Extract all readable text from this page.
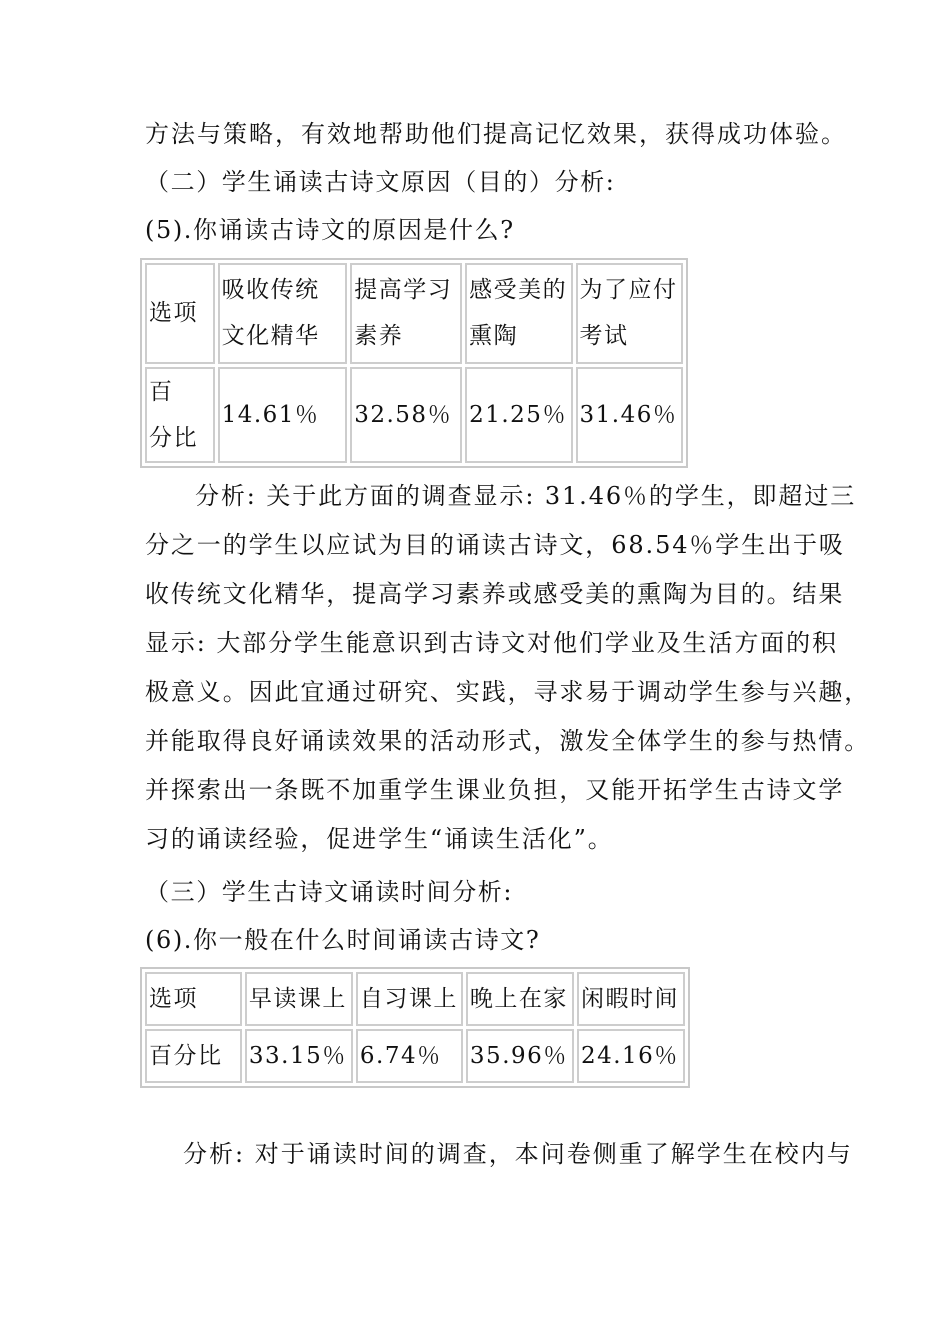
方法与策略，有效地帮助他们提高记忆效果，获得成功体验。
（二）学生诵读古诗文原因（目的）分析:
(5).你诵读古诗文的原因是什么?
选项	吸收传统文化精华	提高学习素养	感受美的熏陶	为了应付考试
百　分比	14.61％	32.58％	21.25％	31.46％
分析: 关于此方面的调查显示: 31.46％的学生，即超过三
分之一的学生以应试为目的诵读古诗文，68.54％学生出于吸
收传统文化精华，提高学习素养或感受美的熏陶为目的。结果
显示: 大部分学生能意识到古诗文对他们学业及生活方面的积
极意义。因此宜通过研究、实践，寻求易于调动学生参与兴趣，
并能取得良好诵读效果的活动形式，激发全体学生的参与热情。
并探索出一条既不加重学生课业负担，又能开拓学生古诗文学
习的诵读经验，促进学生“诵读生活化”。
（三）学生古诗文诵读时间分析:
(6).你一般在什么时间诵读古诗文?
选项	早读课上	自习课上	晚上在家	闲暇时间
百分比	33.15％	6.74％	35.96％	24.16％
分析: 对于诵读时间的调查，本问卷侧重了解学生在校内与
